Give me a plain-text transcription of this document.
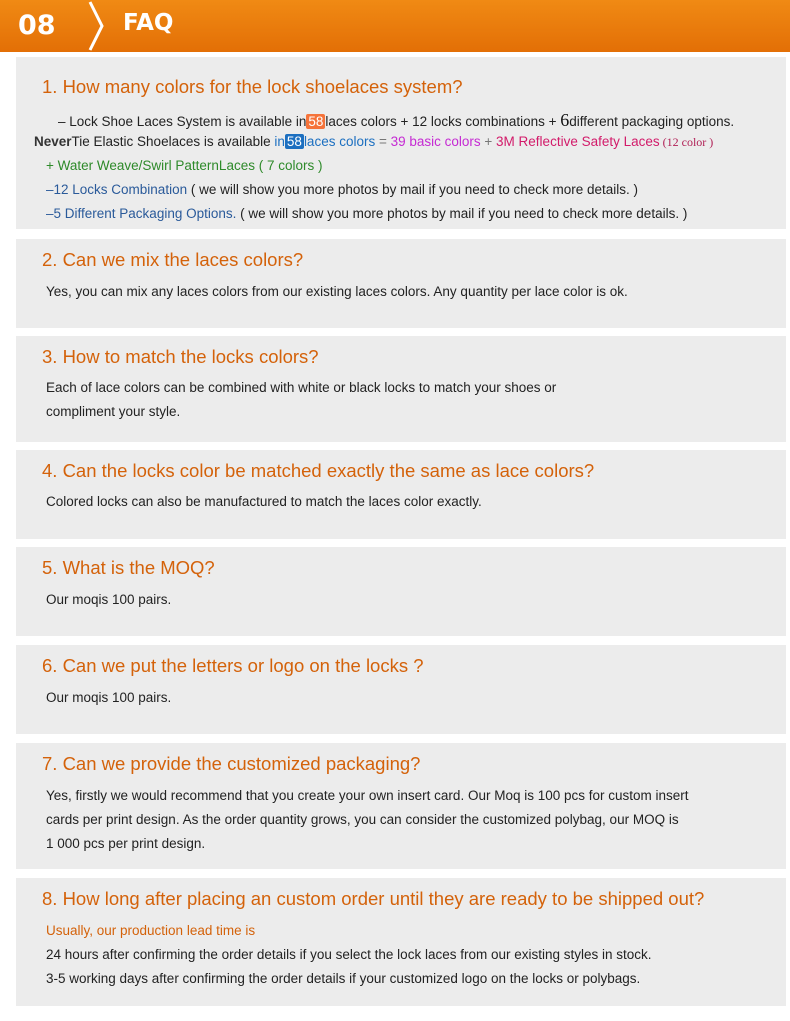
08	FAQ
1. How many colors for the lock shoelaces system?
– Lock Shoe Laces System is available in 58 laces colors + 12 locks combinations + 6different packaging options.
NeverTie Elastic Shoelaces is available in 58 laces colors = 39 basic colors + 3M Reflective Safety Laces (12 color )
+ Water Weave/Swirl PatternLaces ( 7 colors )
–12 Locks Combination ( we will show you more photos by mail if you need to check more details. )
–5 Different Packaging Options. ( we will show you more photos by mail if you need to check more details. )
2. Can we mix the laces colors?
Yes, you can mix any laces colors from our existing laces colors. Any quantity per lace color is ok.
3. How to match the locks colors?
Each of lace colors can be combined with white or black locks to match your shoes or
compliment your style.
4. Can the locks color be matched exactly the same as lace colors?
Colored locks can also be manufactured to match the laces color exactly.
5. What is the MOQ?
Our moqis 100 pairs.
6. Can we put the letters or logo on the locks ?
Our moqis 100 pairs.
7. Can we provide the customized packaging?
Yes, firstly we would recommend that you create your own insert card. Our Moq is 100 pcs for custom insert
cards per print design. As the order quantity grows, you can consider the customized polybag, our MOQ is
1 000 pcs per print design.
8. How long after placing an custom order until they are ready to be shipped out?
Usually, our production lead time is
24 hours after confirming the order details if you select the lock laces from our existing styles in stock.
3-5 working days after confirming the order details if your customized logo on the locks or polybags.
